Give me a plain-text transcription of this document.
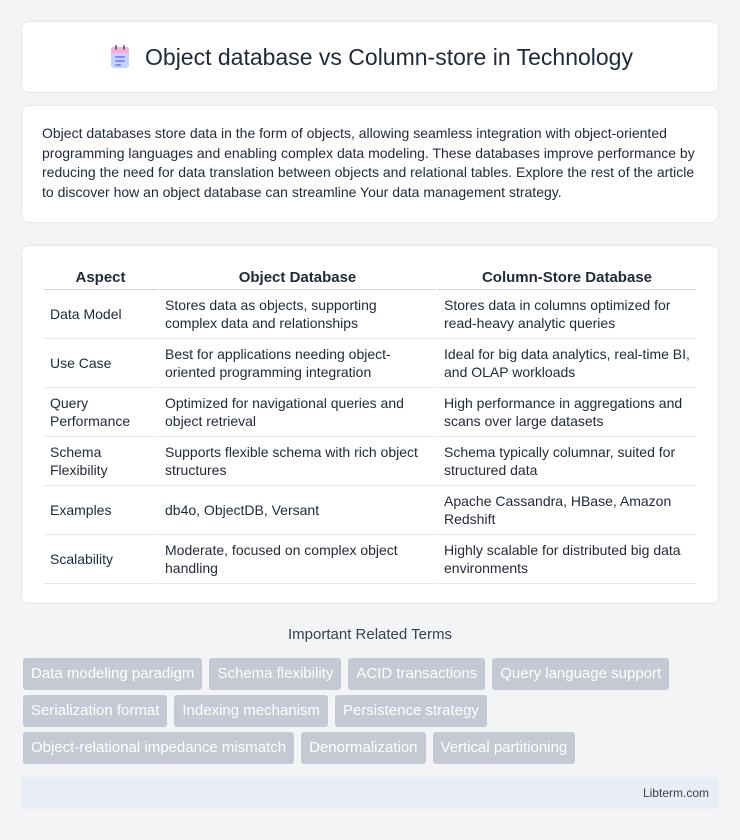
Object database vs Column-store in Technology

Object databases store data in the form of objects, allowing seamless integration with object-oriented programming languages and enabling complex data modeling. These databases improve performance by reducing the need for data translation between objects and relational tables. Explore the rest of the article to discover how an object database can streamline Your data management strategy.

Aspect	Object Database	Column-Store Database
Data Model	Stores data as objects, supporting complex data and relationships	Stores data in columns optimized for read-heavy analytic queries
Use Case	Best for applications needing object-oriented programming integration	Ideal for big data analytics, real-time BI, and OLAP workloads
Query Performance	Optimized for navigational queries and object retrieval	High performance in aggregations and scans over large datasets
Schema Flexibility	Supports flexible schema with rich object structures	Schema typically columnar, suited for structured data
Examples	db4o, ObjectDB, Versant	Apache Cassandra, HBase, Amazon Redshift
Scalability	Moderate, focused on complex object handling	Highly scalable for distributed big data environments
Important Related Terms
Data modeling paradigm	Schema flexibility	ACID transactions	Query language support
Serialization format	Indexing mechanism	Persistence strategy
Object-relational impedance mismatch	Denormalization	Vertical partitioning
Libterm.com
